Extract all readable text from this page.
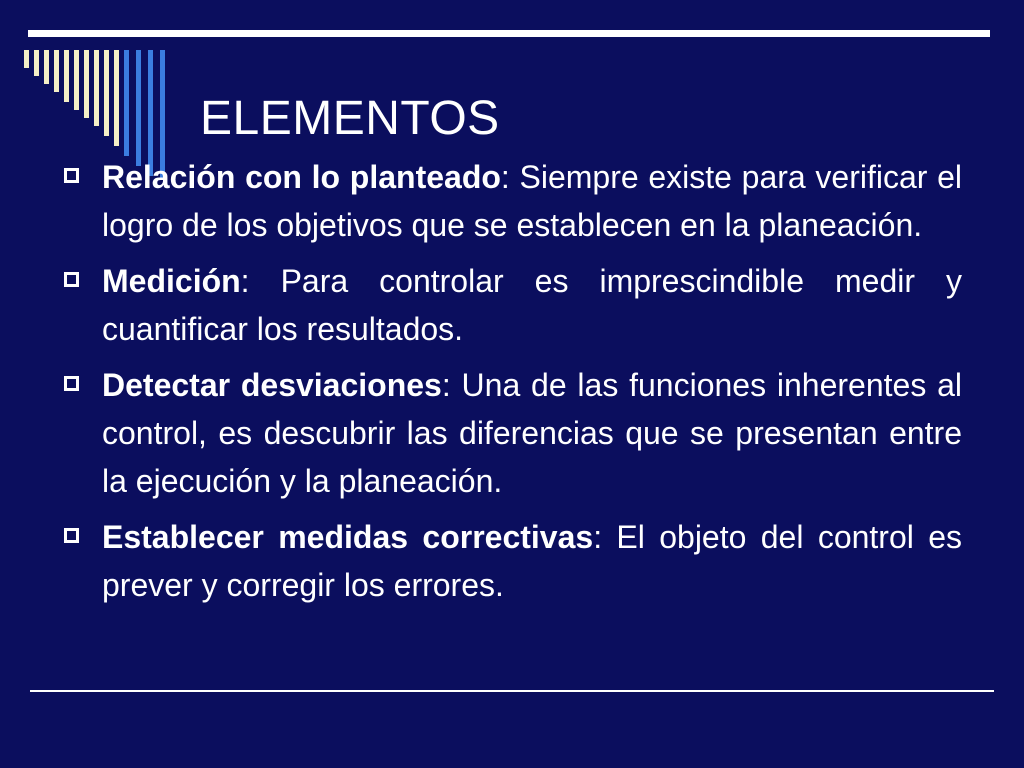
ELEMENTOS
Relación con lo planteado: Siempre existe para verificar el logro de los objetivos que se establecen en la planeación.
Medición: Para controlar es imprescindible medir y cuantificar los resultados.
Detectar desviaciones: Una de las funciones inherentes al control, es descubrir las diferencias que se presentan entre la ejecución y la planeación.
Establecer medidas correctivas: El objeto del control es prever y corregir los errores.
